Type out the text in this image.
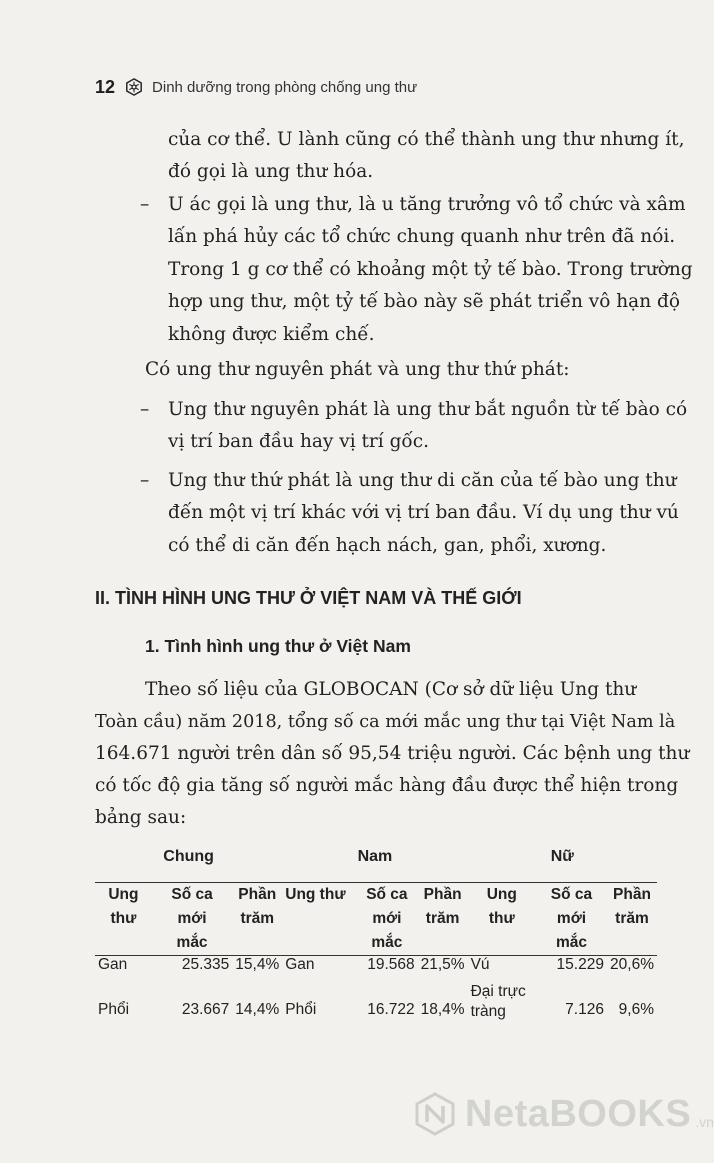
12 Dinh dưỡng trong phòng chống ung thư
của cơ thể. U lành cũng có thể thành ung thư nhưng ít,
đó gọi là ung thư hóa.
– U ác gọi là ung thư, là u tăng trưởng vô tổ chức và xâm
lấn phá hủy các tổ chức chung quanh như trên đã nói.
Trong 1 g cơ thể có khoảng một tỷ tế bào. Trong trường
hợp ung thư, một tỷ tế bào này sẽ phát triển vô hạn độ
không được kiểm chế.
Có ung thư nguyên phát và ung thư thứ phát:
– Ung thư nguyên phát là ung thư bắt nguồn từ tế bào có
vị trí ban đầu hay vị trí gốc.
– Ung thư thứ phát là ung thư di căn của tế bào ung thư
đến một vị trí khác với vị trí ban đầu. Ví dụ ung thư vú
có thể di căn đến hạch nách, gan, phổi, xương.
II. TÌNH HÌNH UNG THƯ Ở VIỆT NAM VÀ THẾ GIỚI
1. Tình hình ung thư ở Việt Nam
Theo số liệu của GLOBOCAN (Cơ sở dữ liệu Ung thư
Toàn cầu) năm 2018, tổng số ca mới mắc ung thư tại Việt Nam là
164.671 người trên dân số 95,54 triệu người. Các bệnh ung thư
có tốc độ gia tăng số người mắc hàng đầu được thể hiện trong
bảng sau:
Chung			Nam			Nữ		
Ung
thư	Số ca
mới
mắc	Phần
trăm	Ung thư	Số ca
mới
mắc	Phần
trăm	Ung
thư	Số ca
mới
mắc	Phần
trăm
Gan	25.335	15,4%	Gan	19.568	21,5%	Vú	15.229	20,6%
Phổi	23.667	14,4%	Phổi	16.722	18,4%	Đại trực
tràng	7.126	9,6%
NetaBOOKS .vn
